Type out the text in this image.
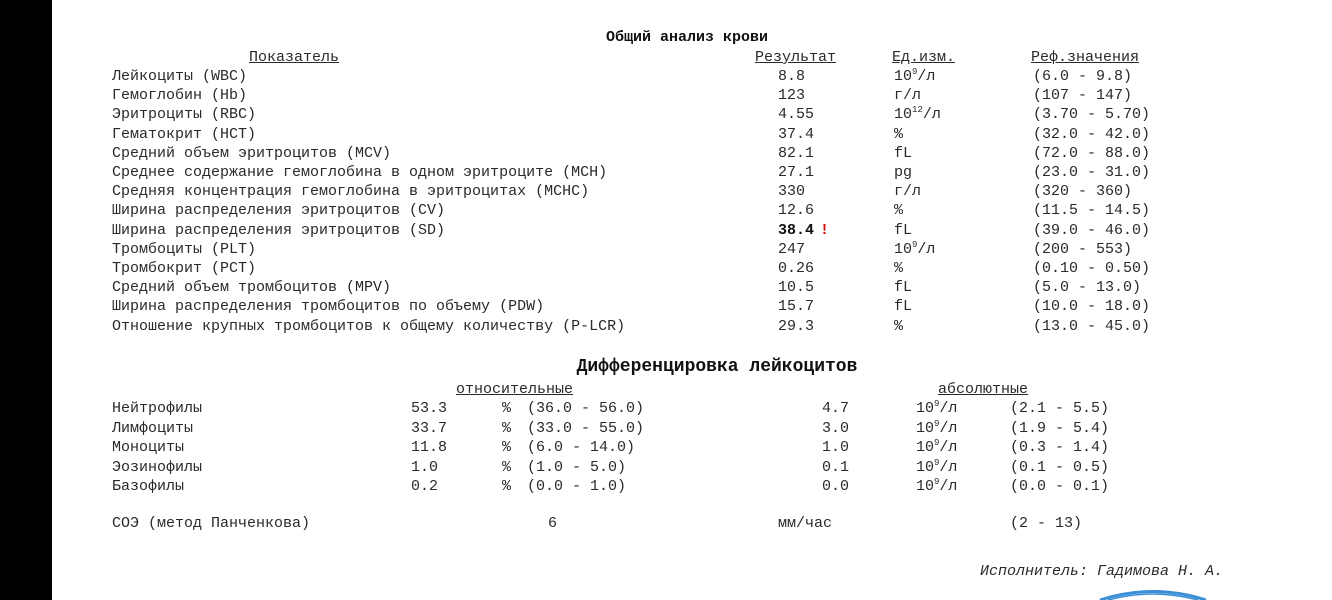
Общий анализ крови
Показатель	Результат	Ед.изм.	Реф.значения
Лейкоциты (WBC)	8.8	$10^9/л$	(6.0 - 9.8)
Гемоглобин (Hb)	123	г/л	(107 - 147)
Эритроциты (RBC)	4.55	$10^{12}/л$	(3.70 - 5.70)
Гематокрит (HCT)	37.4	%	(32.0 - 42.0)
Средний объем эритроцитов (MCV)	82.1	fL	(72.0 - 88.0)
Среднее содержание гемоглобина в одном эритроците (MCH)	27.1	pg	(23.0 - 31.0)
Средняя концентрация гемоглобина в эритроцитах (MCHC)	330	г/л	(320 - 360)
Ширина распределения эритроцитов (CV)	12.6	%	(11.5 - 14.5)
Ширина распределения эритроцитов (SD)	38.4 !	fL	(39.0 - 46.0)
Тромбоциты (PLT)	247	$10^9/л$	(200 - 553)
Тромбокрит (PCT)	0.26	%	(0.10 - 0.50)
Средний объем тромбоцитов (MPV)	10.5	fL	(5.0 - 13.0)
Ширина распределения тромбоцитов по объему (PDW)	15.7	fL	(10.0 - 18.0)
Отношение крупных тромбоцитов к общему количеству (P-LCR)	29.3	%	(13.0 - 45.0)
Дифференцировка лейкоцитов
относительные	абсолютные
Нейтрофилы	53.3	% (36.0 - 56.0)	4.7	$10^9/л$	(2.1 - 5.5)
Лимфоциты	33.7	% (33.0 - 55.0)	3.0	$10^9/л$	(1.9 - 5.4)
Моноциты	11.8	% (6.0 - 14.0)	1.0	$10^9/л$	(0.3 - 1.4)
Эозинофилы	1.0	% (1.0 - 5.0)	0.1	$10^9/л$	(0.1 - 0.5)
Базофилы	0.2	% (0.0 - 1.0)	0.0	$10^9/л$	(0.0 - 0.1)
СОЭ (метод Панченкова)	6	мм/час	(2 - 13)
Исполнитель: Гадимова Н. А.
